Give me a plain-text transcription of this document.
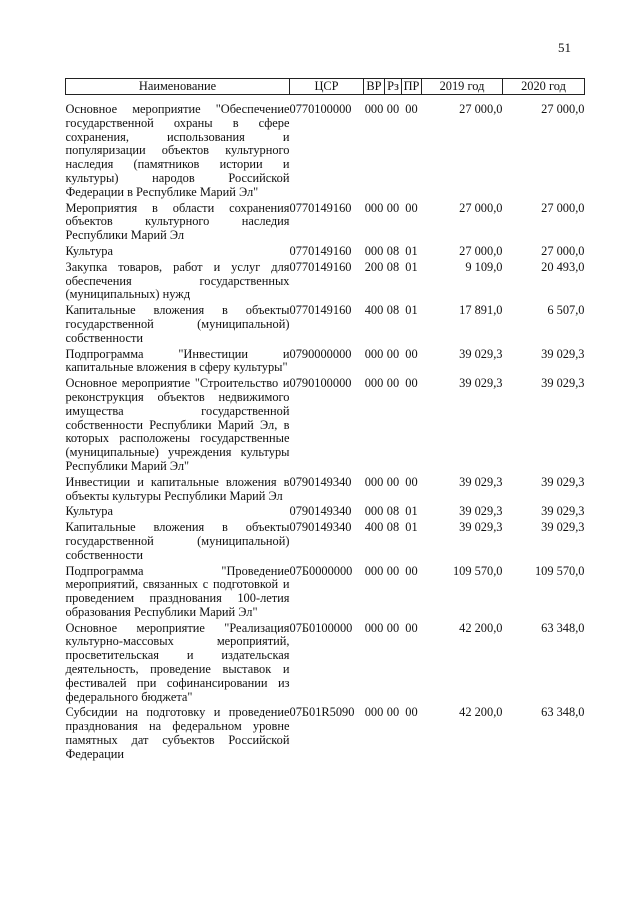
51
Наименование	ЦСР	ВР	Рз	ПР	2019 год	2020 год
Основное мероприятие "Обеспечение государственной охраны в сфере сохранения, использования и популяризации объектов культурного наследия (памятников истории и культуры) народов Российской Федерации в Республике Марий Эл"	0770100000	000	00	00	27 000,0	27 000,0
Мероприятия в области сохранения объектов культурного наследия Республики Марий Эл	0770149160	000	00	00	27 000,0	27 000,0
Культура	0770149160	000	08	01	27 000,0	27 000,0
Закупка товаров, работ и услуг для обеспечения государственных (муниципальных) нужд	0770149160	200	08	01	9 109,0	20 493,0
Капитальные вложения в объекты государственной (муниципальной) собственности	0770149160	400	08	01	17 891,0	6 507,0
Подпрограмма "Инвестиции и капитальные вложения в сферу культуры"	0790000000	000	00	00	39 029,3	39 029,3
Основное мероприятие "Строительство и реконструкция объектов недвижимого имущества государственной собственности Республики Марий Эл, в которых расположены государственные (муниципальные) учреждения культуры Республики Марий Эл"	0790100000	000	00	00	39 029,3	39 029,3
Инвестиции и капитальные вложения в объекты культуры Республики Марий Эл	0790149340	000	00	00	39 029,3	39 029,3
Культура	0790149340	000	08	01	39 029,3	39 029,3
Капитальные вложения в объекты государственной (муниципальной) собственности	0790149340	400	08	01	39 029,3	39 029,3
Подпрограмма "Проведение мероприятий, связанных с подготовкой и проведением празднования 100-летия образования Республики Марий Эл"	07Б0000000	000	00	00	109 570,0	109 570,0
Основное мероприятие "Реализация культурно-массовых мероприятий, просветительская и издательская деятельность, проведение выставок и фестивалей при софинансировании из федерального бюджета"	07Б0100000	000	00	00	42 200,0	63 348,0
Субсидии на подготовку и проведение празднования на федеральном уровне памятных дат субъектов Российской Федерации	07Б01R5090	000	00	00	42 200,0	63 348,0
